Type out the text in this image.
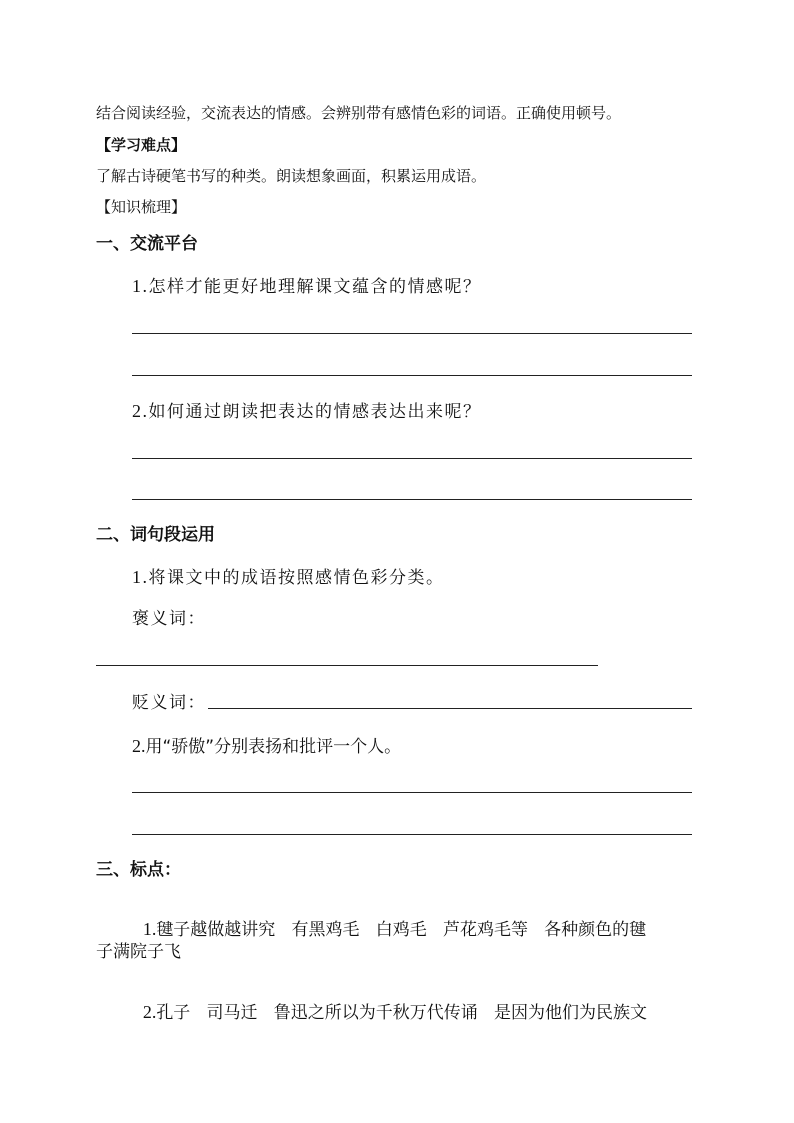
结合阅读经验，交流表达的情感。会辨别带有感情色彩的词语。正确使用顿号。
【学习难点】
了解古诗硬笔书写的种类。朗读想象画面，积累运用成语。
【知识梳理】
一、交流平台
1.怎样才能更好地理解课文蕴含的情感呢？
2.如何通过朗读把表达的情感表达出来呢？
二、词句段运用
1.将课文中的成语按照感情色彩分类。
褒义词：
贬义词：
2.用“骄傲”分别表扬和批评一个人。
三、标点：

1.毽子越做越讲究   有黑鸡毛   白鸡毛   芦花鸡毛等   各种颜色的毽

子满院子飞

2.孔子   司马迁   鲁迅之所以为千秋万代传诵   是因为他们为民族文
